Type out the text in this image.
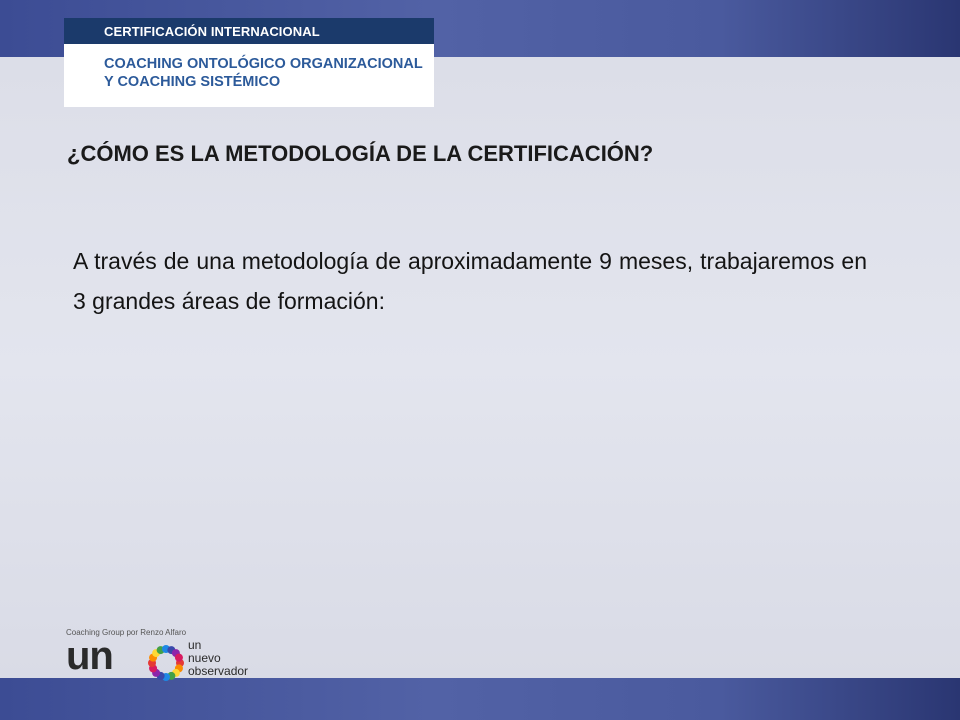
CERTIFICACIÓN INTERNACIONAL
COACHING ONTOLÓGICO ORGANIZACIONAL
Y COACHING SISTÉMICO
¿CÓMO ES LA METODOLOGÍA DE LA CERTIFICACIÓN?
A través de una metodología de aproximadamente 9 meses, trabajaremos en 3 grandes áreas de formación:
Coaching Group por Renzo Alfaro
un	un
nuevo
observador
